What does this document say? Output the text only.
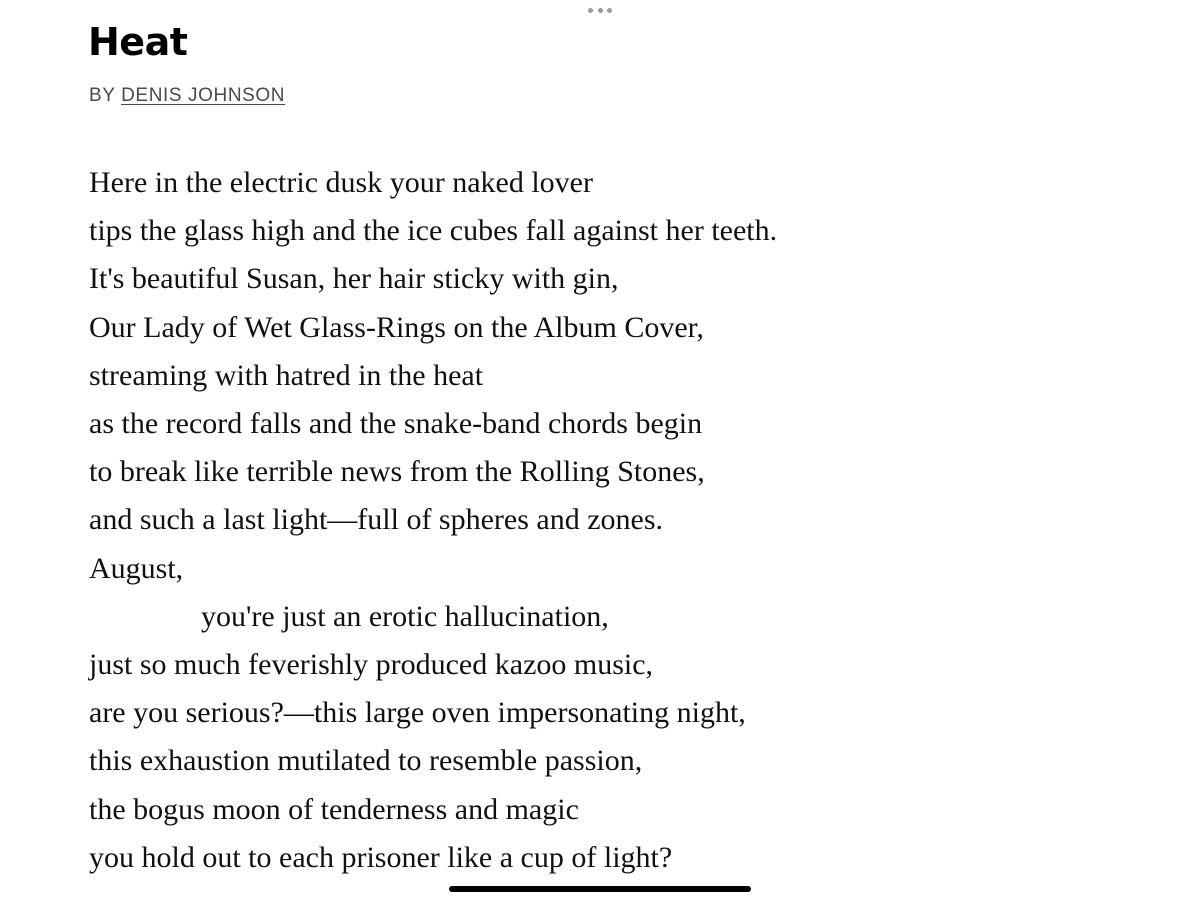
Heat
BY DENIS JOHNSON
Here in the electric dusk your naked lover
tips the glass high and the ice cubes fall against her teeth.
It's beautiful Susan, her hair sticky with gin,
Our Lady of Wet Glass-Rings on the Album Cover,
streaming with hatred in the heat
as the record falls and the snake-band chords begin
to break like terrible news from the Rolling Stones,
and such a last light—full of spheres and zones.
August,
you're just an erotic hallucination,
just so much feverishly produced kazoo music,
are you serious?—this large oven impersonating night,
this exhaustion mutilated to resemble passion,
the bogus moon of tenderness and magic
you hold out to each prisoner like a cup of light?
